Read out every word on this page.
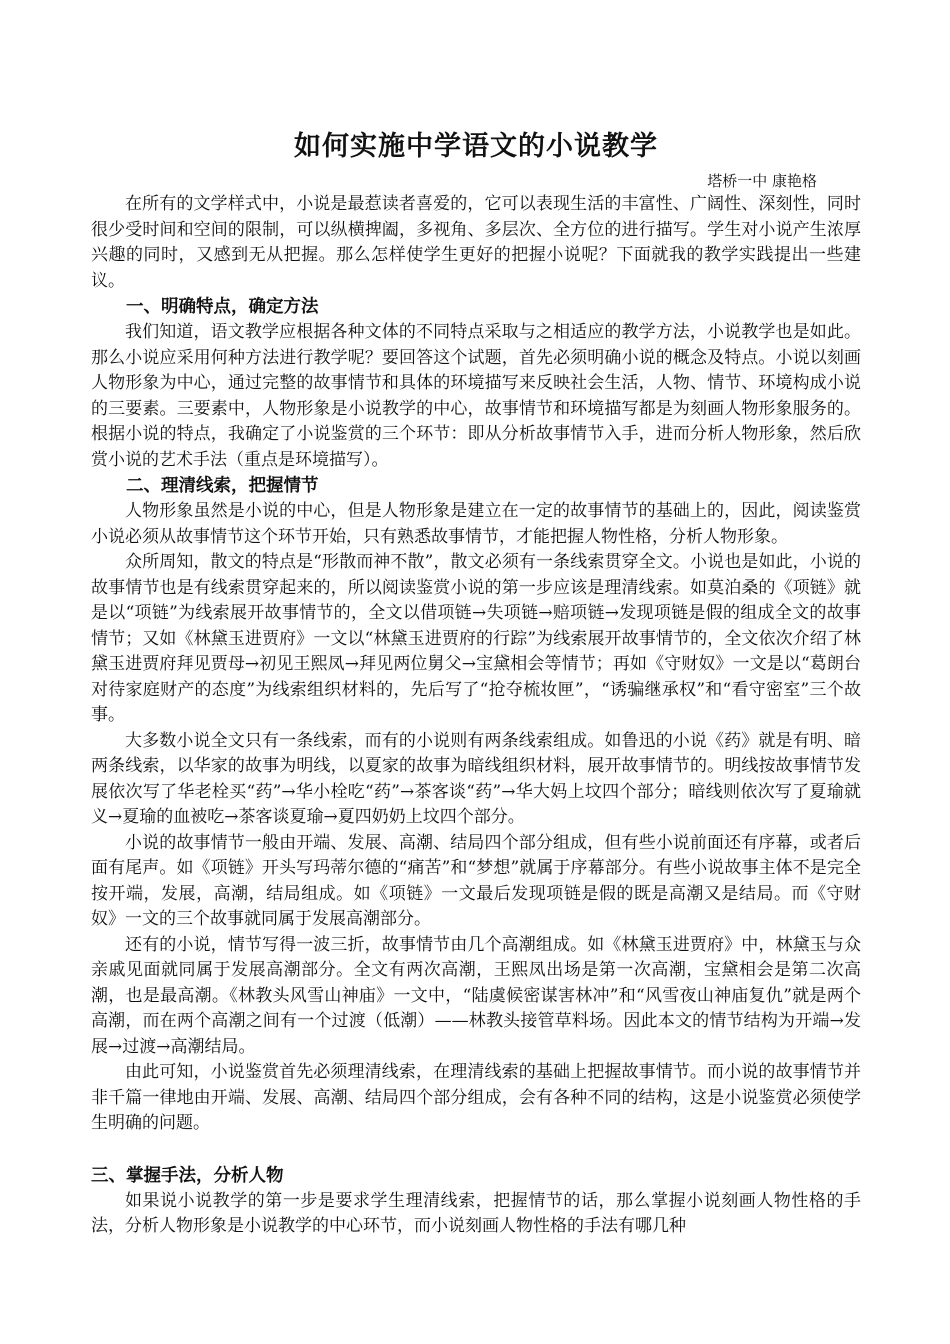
如何实施中学语文的小说教学

塔桥一中 康艳格

在所有的文学样式中，小说是最惹读者喜爱的，它可以表现生活的丰富性、广阔性、深刻性，同时很少受时间和空间的限制，可以纵横捭阖，多视角、多层次、全方位的进行描写。学生对小说产生浓厚兴趣的同时，又感到无从把握。那么怎样使学生更好的把握小说呢？下面就我的教学实践提出一些建议。

一、明确特点，确定方法

我们知道，语文教学应根据各种文体的不同特点采取与之相适应的教学方法，小说教学也是如此。那么小说应采用何种方法进行教学呢？要回答这个试题，首先必须明确小说的概念及特点。小说以刻画人物形象为中心，通过完整的故事情节和具体的环境描写来反映社会生活，人物、情节、环境构成小说的三要素。三要素中，人物形象是小说教学的中心，故事情节和环境描写都是为刻画人物形象服务的。根据小说的特点，我确定了小说鉴赏的三个环节：即从分析故事情节入手，进而分析人物形象，然后欣赏小说的艺术手法（重点是环境描写）。

二、理清线索，把握情节

人物形象虽然是小说的中心，但是人物形象是建立在一定的故事情节的基础上的，因此，阅读鉴赏小说必须从故事情节这个环节开始，只有熟悉故事情节，才能把握人物性格，分析人物形象。

众所周知，散文的特点是“形散而神不散”，散文必须有一条线索贯穿全文。小说也是如此，小说的故事情节也是有线索贯穿起来的，所以阅读鉴赏小说的第一步应该是理清线索。如莫泊桑的《项链》就是以“项链”为线索展开故事情节的，全文以借项链→失项链→赔项链→发现项链是假的组成全文的故事情节；又如《林黛玉进贾府》一文以“林黛玉进贾府的行踪”为线索展开故事情节的，全文依次介绍了林黛玉进贾府拜见贾母→初见王熙凤→拜见两位舅父→宝黛相会等情节；再如《守财奴》一文是以“葛朗台对待家庭财产的态度”为线索组织材料的，先后写了“抢夺梳妆匣”，“诱骗继承权”和“看守密室”三个故事。

大多数小说全文只有一条线索，而有的小说则有两条线索组成。如鲁迅的小说《药》就是有明、暗两条线索，以华家的故事为明线，以夏家的故事为暗线组织材料，展开故事情节的。明线按故事情节发展依次写了华老栓买“药”→华小栓吃“药”→茶客谈“药”→华大妈上坟四个部分；暗线则依次写了夏瑜就义→夏瑜的血被吃→茶客谈夏瑜→夏四奶奶上坟四个部分。

小说的故事情节一般由开端、发展、高潮、结局四个部分组成，但有些小说前面还有序幕，或者后面有尾声。如《项链》开头写玛蒂尔德的“痛苦”和“梦想”就属于序幕部分。有些小说故事主体不是完全按开端，发展，高潮，结局组成。如《项链》一文最后发现项链是假的既是高潮又是结局。而《守财奴》一文的三个故事就同属于发展高潮部分。

还有的小说，情节写得一波三折，故事情节由几个高潮组成。如《林黛玉进贾府》中，林黛玉与众亲戚见面就同属于发展高潮部分。全文有两次高潮，王熙凤出场是第一次高潮，宝黛相会是第二次高潮，也是最高潮。《林教头风雪山神庙》一文中，“陆虞候密谋害林冲”和“风雪夜山神庙复仇”就是两个高潮，而在两个高潮之间有一个过渡（低潮）——林教头接管草料场。因此本文的情节结构为开端→发展→过渡→高潮结局。

由此可知，小说鉴赏首先必须理清线索，在理清线索的基础上把握故事情节。而小说的故事情节并非千篇一律地由开端、发展、高潮、结局四个部分组成，会有各种不同的结构，这是小说鉴赏必须使学生明确的问题。

三、掌握手法，分析人物

如果说小说教学的第一步是要求学生理清线索，把握情节的话，那么掌握小说刻画人物性格的手法，分析人物形象是小说教学的中心环节，而小说刻画人物性格的手法有哪几种
